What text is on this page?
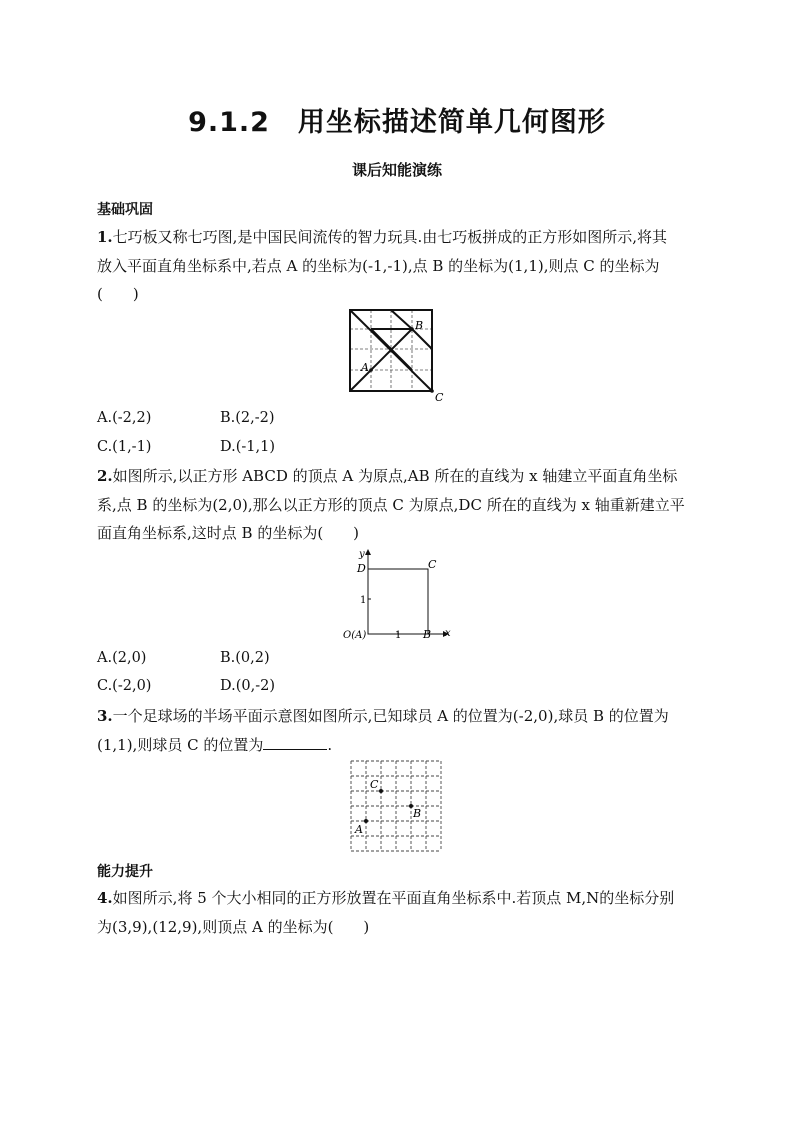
9.1.2　用坐标描述简单几何图形
课后知能演练
基础巩固
1.七巧板又称七巧图,是中国民间流传的智力玩具.由七巧板拼成的正方形如图所示,将其
放入平面直角坐标系中,若点 A 的坐标为(-1,-1),点 B 的坐标为(1,1),则点 C 的坐标为
(　　)
A
B
C
A.(-2,2)	B.(2,-2)
C.(1,-1)	D.(-1,1)
2.如图所示,以正方形 ABCD 的顶点 A 为原点,AB 所在的直线为 x 轴建立平面直角坐标
系,点 B 的坐标为(2,0),那么以正方形的顶点 C 为原点,DC 所在的直线为 x 轴重新建立平
面直角坐标系,这时点 B 的坐标为(　　)
y
x
D	C
1
1
O(A)	B
A.(2,0)	B.(0,2)
C.(-2,0)	D.(0,-2)
3.一个足球场的半场平面示意图如图所示,已知球员 A 的位置为(-2,0),球员 B 的位置为
(1,1),则球员 C 的位置为	.
A
C
B
能力提升
4.如图所示,将 5 个大小相同的正方形放置在平面直角坐标系中.若顶点 M,N的坐标分别
为(3,9),(12,9),则顶点 A 的坐标为(　　)
